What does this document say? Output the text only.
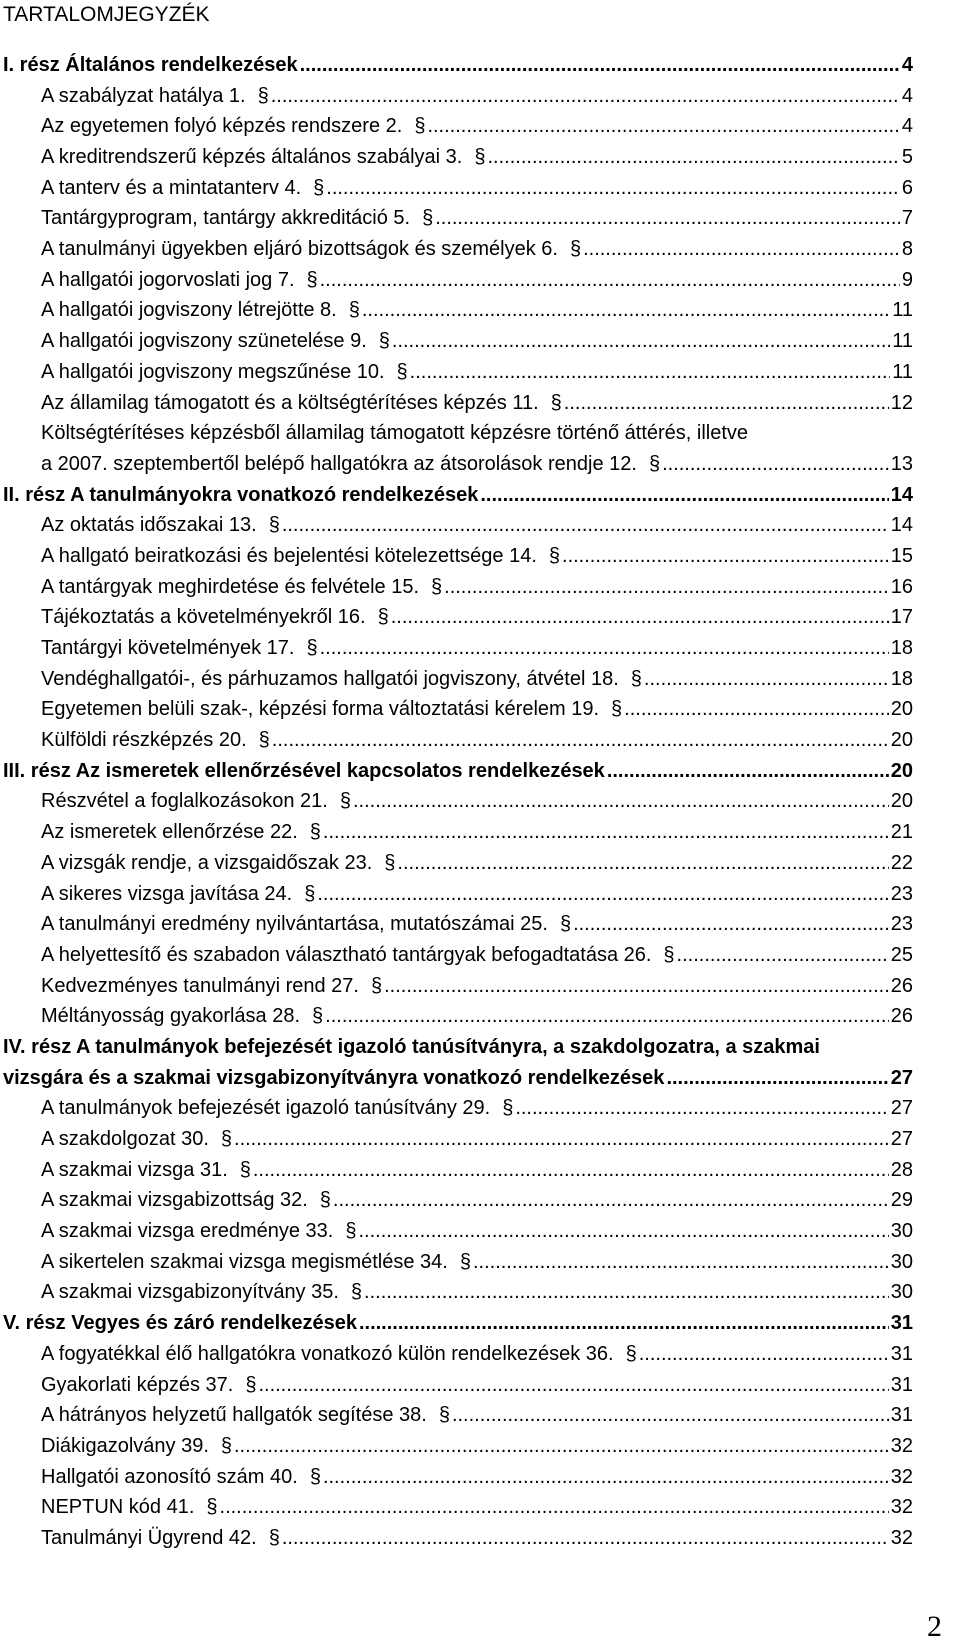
TARTALOMJEGYZÉK
I. rész Általános rendelkezések .....	4
A szabályzat hatálya 1. § .....	4
Az egyetemen folyó képzés rendszere 2. § .....	4
A kreditrendszerű képzés általános szabályai 3. § .....	5
A tanterv és a mintatanterv 4. § .....	6
Tantárgyprogram, tantárgy akkreditáció 5. § .....	7
A tanulmányi ügyekben eljáró bizottságok és személyek 6. § .....	8
A hallgatói jogorvoslati jog 7. § .....	9
A hallgatói jogviszony létrejötte 8. § .....	11
A hallgatói jogviszony szünetelése 9. § .....	11
A hallgatói jogviszony megszűnése 10. § .....	11
Az államilag támogatott és a költségtérítéses képzés 11. § .....	12
Költségtérítéses képzésből államilag támogatott képzésre történő áttérés, illetve
a 2007. szeptembertől belépő hallgatókra az átsorolások rendje 12. § .....	13
II. rész A tanulmányokra vonatkozó rendelkezések .....	14
Az oktatás időszakai 13. § .....	14
A hallgató beiratkozási és bejelentési kötelezettsége 14. § .....	15
A tantárgyak meghirdetése és felvétele 15. § .....	16
Tájékoztatás a követelményekről 16. § .....	17
Tantárgyi követelmények 17. § .....	18
Vendéghallgatói-, és párhuzamos hallgatói jogviszony, átvétel 18. § .....	18
Egyetemen belüli szak-, képzési forma változtatási kérelem 19. § .....	20
Külföldi részképzés 20. § .....	20
III. rész Az ismeretek ellenőrzésével kapcsolatos rendelkezések .....	20
Részvétel a foglalkozásokon 21. § .....	20
Az ismeretek ellenőrzése 22. § .....	21
A vizsgák rendje, a vizsgaidőszak 23. § .....	22
A sikeres vizsga javítása 24. § .....	23
A tanulmányi eredmény nyilvántartása, mutatószámai 25. § .....	23
A helyettesítő és szabadon választható tantárgyak befogadtatása 26. § .....	25
Kedvezményes tanulmányi rend 27. § .....	26
Méltányosság gyakorlása 28. § .....	26
IV. rész A tanulmányok befejezését igazoló tanúsítványra, a szakdolgozatra, a szakmai
vizsgára és a szakmai vizsgabizonyítványra vonatkozó rendelkezések .....	27
A tanulmányok befejezését igazoló tanúsítvány 29. § .....	27
A szakdolgozat 30. § .....	27
A szakmai vizsga 31. § .....	28
A szakmai vizsgabizottság 32. § .....	29
A szakmai vizsga eredménye 33. § .....	30
A sikertelen szakmai vizsga megismétlése 34. § .....	30
A szakmai vizsgabizonyítvány 35. § .....	30
V. rész Vegyes és záró rendelkezések .....	31
A fogyatékkal élő hallgatókra vonatkozó külön rendelkezések 36. § .....	31
Gyakorlati képzés 37. § .....	31
A hátrányos helyzetű hallgatók segítése 38. § .....	31
Diákigazolvány 39. § .....	32
Hallgatói azonosító szám 40. § .....	32
NEPTUN kód 41. § .....	32
Tanulmányi Ügyrend 42. § .....	32
2
